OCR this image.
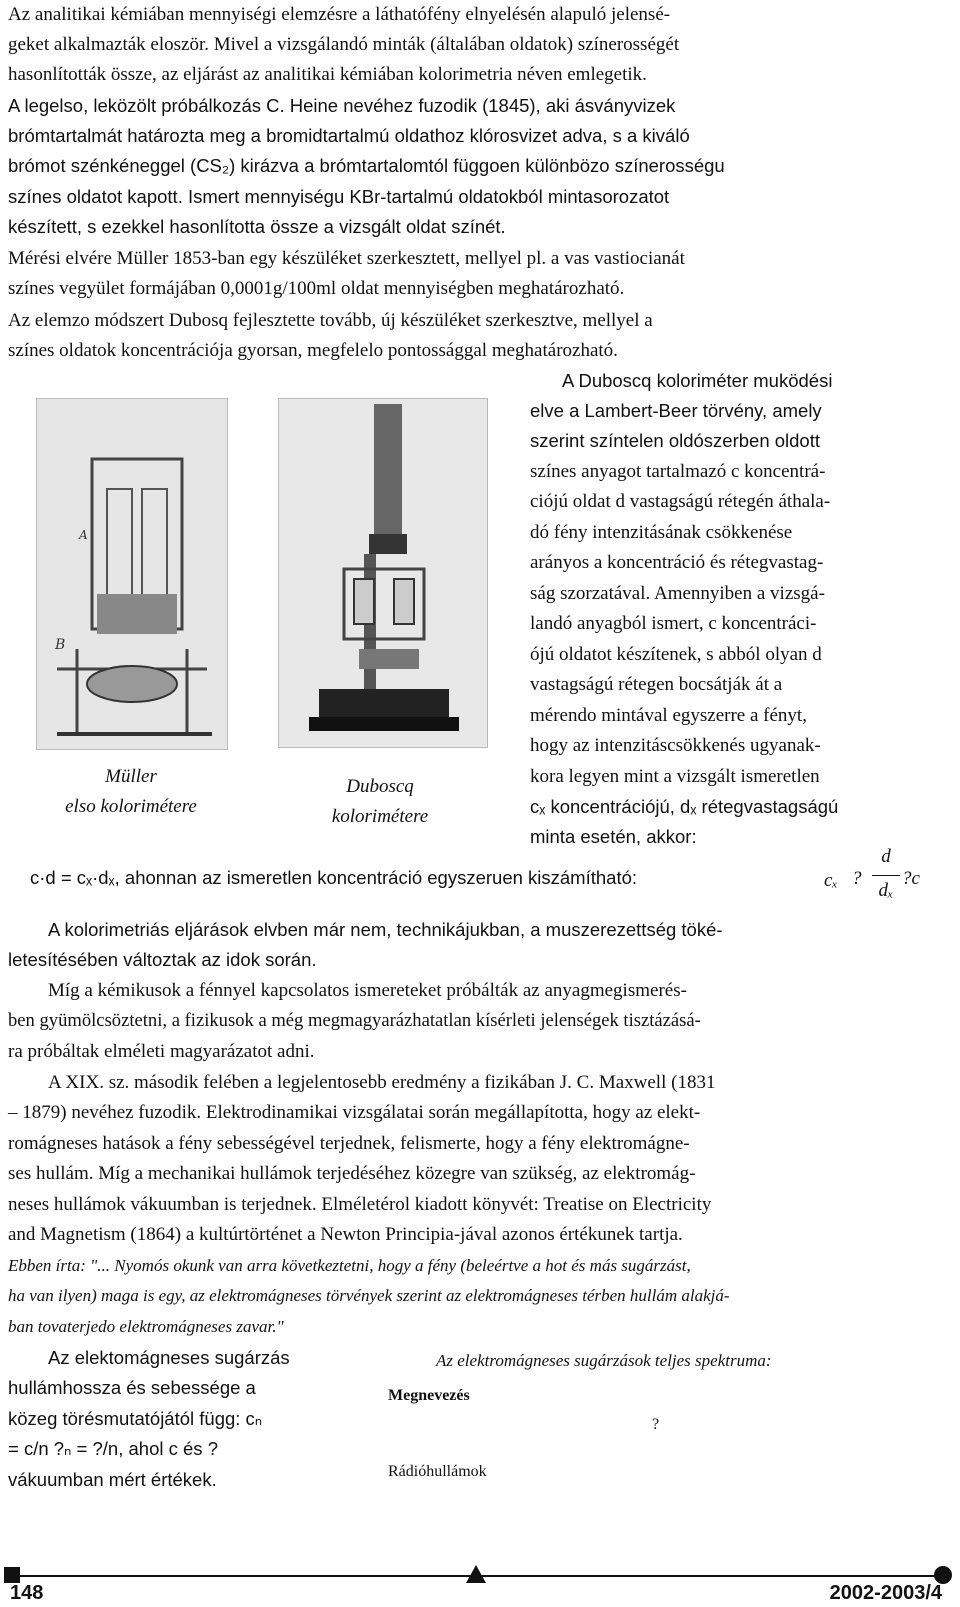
Az analitikai kémiában mennyiségi elemzésre a láthatófény elnyelésén alapuló jelensé-
geket alkalmazták eloször. Mivel a vizsgálandó minták (általában oldatok) színerosségét
hasonlították össze, az eljárást az analitikai kémiában kolorimetria néven emlegetik.
A legelso, leközölt próbálkozás C. Heine nevéhez fuzodik (1845), aki ásványvizek
brómtartalmát határozta meg a bromidtartalmú oldathoz klórosvizet adva, s a kiváló
brómot szénkéneggel (CS₂) kirázva a brómtartalomtól függoen különbözo színerosségu
színes oldatot kapott. Ismert mennyiségu KBr-tartalmú oldatokból mintasorozatot
készített, s ezekkel hasonlította össze a vizsgált oldat színét.
Mérési elvére Müller 1853-ban egy készüléket szerkesztett, mellyel pl. a vas vastiocianát
színes vegyület formájában 0,0001g/100ml oldat mennyiségben meghatározható.
Az elemzo módszert Dubosq fejlesztette tovább, új készüléket szerkesztve, mellyel a
színes oldatok koncentrációja gyorsan, megfelelo pontossággal meghatározható.
B
A
Müller
elso kolorimétere
Duboscq
kolorimétere
A Duboscq koloriméter muködési
elve a Lambert-Beer törvény, amely
szerint színtelen oldószerben oldott
színes anyagot tartalmazó c koncentrá-
ciójú oldat d vastagságú rétegén áthala-
dó fény intenzitásának csökkenése
arányos a koncentráció és rétegvastag-
ság szorzatával. Amennyiben a vizsgá-
landó anyagból ismert, c koncentráci-
ójú oldatot készítenek, s abból olyan d
vastagságú rétegen bocsátják át a
mérendo mintával egyszerre a fényt,
hogy az intenzitáscsökkenés ugyanak-
kora legyen mint a vizsgált ismeretlen
cₓ koncentrációjú, dₓ rétegvastagságú
minta esetén, akkor:
c·d = cₓ·dₓ, ahonnan az ismeretlen koncentráció egyszeruen kiszámítható:	cₓ ?
d
dₓ
?c
A kolorimetriás eljárások elvben már nem, technikájukban, a muszerezettség töké-
letesítésében változtak az idok során.
Míg a kémikusok a fénnyel kapcsolatos ismereteket próbálták az anyagmegismerés-
ben gyümölcsöztetni, a fizikusok a még megmagyarázhatatlan kísérleti jelenségek tisztázásá-
ra próbáltak elméleti magyarázatot adni.
A XIX. sz. második felében a legjelentosebb eredmény a fizikában J. C. Maxwell (1831
– 1879) nevéhez fuzodik. Elektrodinamikai vizsgálatai során megállapította, hogy az elekt-
romágneses hatások a fény sebességével terjednek, felismerte, hogy a fény elektromágne-
ses hullám. Míg a mechanikai hullámok terjedéséhez közegre van szükség, az elektromág-
neses hullámok vákuumban is terjednek. Elméletérol kiadott könyvét: Treatise on Electricity
and Magnetism (1864) a kultúrtörténet a Newton Principia-jával azonos értékunek tartja.
Ebben írta: "... Nyomós okunk van arra következtetni, hogy a fény (beleértve a hot és más sugárzást,
ha van ilyen) maga is egy, az elektromágneses törvények szerint az elektromágneses térben hullám alakjá-
ban tovaterjedo elektromágneses zavar."
Az elektomágneses sugárzás
hullámhossza és sebessége a
közeg törésmutatójától függ: cₙ
= c/n ?ₙ = ?/n, ahol c és ?
vákuumban mért értékek.
Az elektromágneses sugárzások teljes spektruma:
Megnevezés
?
Rádióhullámok
148	2002-2003/4
